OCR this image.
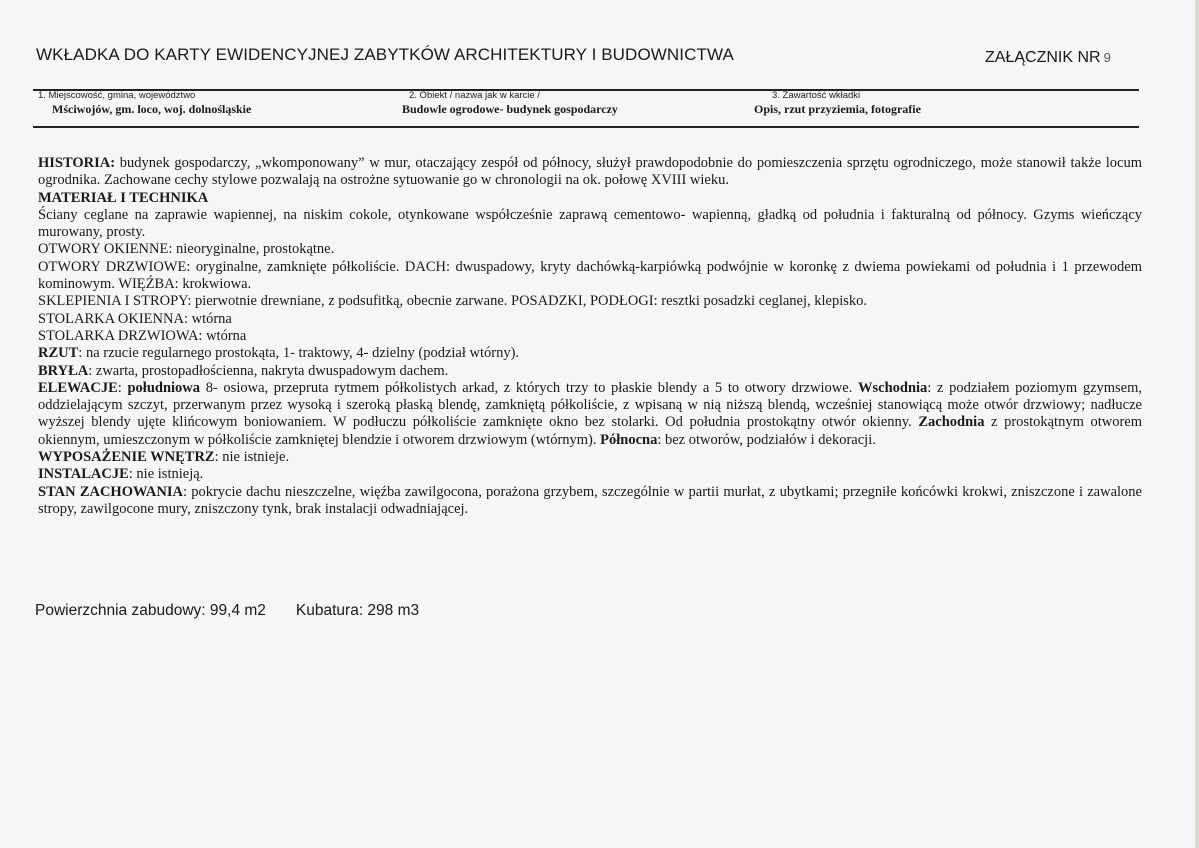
WKŁADKA DO KARTY EWIDENCYJNEJ ZABYTKÓW ARCHITEKTURY I BUDOWNICTWA	ZAŁĄCZNIK NR 9
1. Miejscowość, gmina, województwo
Mściwojów, gm. loco, woj. dolnośląskie
2. Obiekt / nazwa jak w karcie /
Budowle ogrodowe- budynek gospodarczy
3. Zawartość wkładki
Opis, rzut przyziemia, fotografie

HISTORIA: budynek gospodarczy, „wkomponowany” w mur, otaczający zespół od północy, służył prawdopodobnie do pomieszczenia sprzętu ogrodniczego, może stanowił także locum ogrodnika. Zachowane cechy stylowe pozwalają na ostrożne sytuowanie go w chronologii na ok. połowę XVIII wieku.

MATERIAŁ I TECHNIKA

Ściany ceglane na zaprawie wapiennej, na niskim cokole, otynkowane współcześnie zaprawą cementowo- wapienną, gładką od południa i fakturalną od północy. Gzyms wieńczący murowany, prosty.

OTWORY OKIENNE: nieoryginalne, prostokątne.

OTWORY DRZWIOWE: oryginalne, zamknięte półkoliście. DACH: dwuspadowy, kryty dachówką-karpiówką podwójnie w koronkę z dwiema powiekami od południa i 1 przewodem kominowym. WIĘŹBA: krokwiowa.

SKLEPIENIA I STROPY: pierwotnie drewniane, z podsufitką, obecnie zarwane. POSADZKI, PODŁOGI: resztki posadzki ceglanej, klepisko.

STOLARKA OKIENNA: wtórna

STOLARKA DRZWIOWA: wtórna

RZUT: na rzucie regularnego prostokąta, 1- traktowy, 4- dzielny (podział wtórny).

BRYŁA: zwarta, prostopadłościenna, nakryta dwuspadowym dachem.

ELEWACJE: południowa 8- osiowa, przepruta rytmem półkolistych arkad, z których trzy to płaskie blendy a 5 to otwory drzwiowe. Wschodnia: z podziałem poziomym gzymsem, oddzielającym szczyt, przerwanym przez wysoką i szeroką płaską blendę, zamkniętą półkoliście, z wpisaną w nią niższą blendą, wcześniej stanowiącą może otwór drzwiowy; nadłucze wyższej blendy ujęte klińcowym boniowaniem. W podłuczu półkoliście zamknięte okno bez stolarki. Od południa prostokątny otwór okienny. Zachodnia z prostokątnym otworem okiennym, umieszczonym w półkoliście zamkniętej blendzie i otworem drzwiowym (wtórnym). Północna: bez otworów, podziałów i dekoracji.

WYPOSAŻENIE WNĘTRZ: nie istnieje.

INSTALACJE: nie istnieją.

STAN ZACHOWANIA: pokrycie dachu nieszczelne, więźba zawilgocona, porażona grzybem, szczególnie w partii murłat, z ubytkami; przegniłe końcówki krokwi, zniszczone i zawalone stropy, zawilgocone mury, zniszczony tynk, brak instalacji odwadniającej.

Powierzchnia zabudowy: 99,4 m2 Kubatura: 298 m3
